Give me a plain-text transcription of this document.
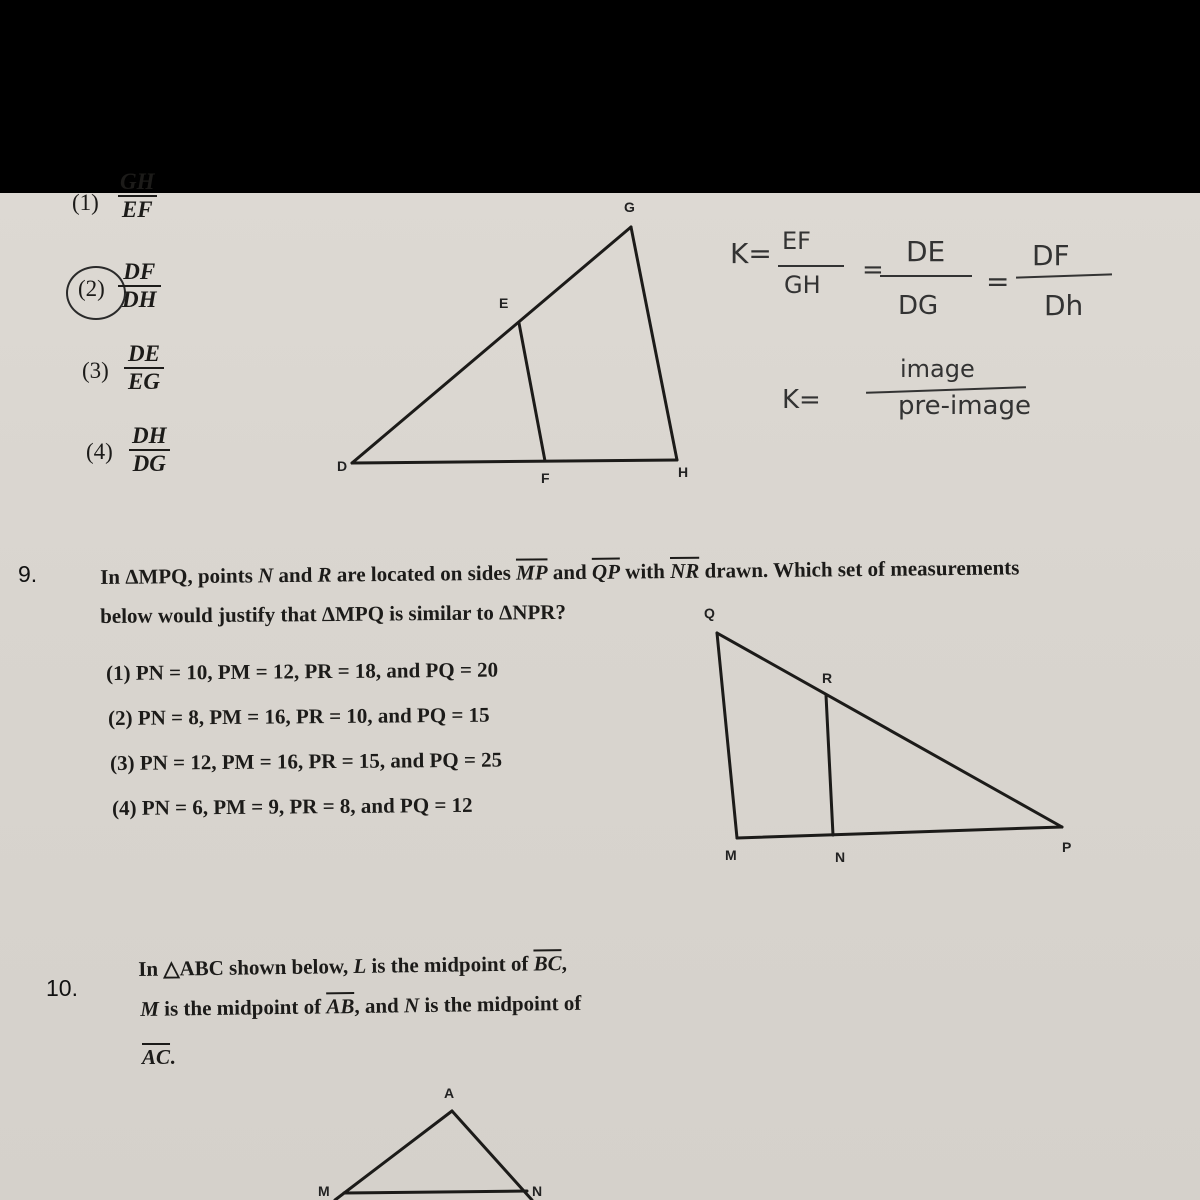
$(1) \frac{GH}{EF}$
$(2) \frac{DF}{DH}$
$(3) \frac{DE}{EG}$
$(4) \frac{DH}{DG}$
G
E
D
F	H
K= EF
GH =
DE
DG
=
DF
Dh
K=
image
pre-image
9.	In ΔMPQ, points N and R are located on sides $\overline{MP}$ and $\overline{QP}$ with $\overline{NR}$ drawn. Which set of measurements
below would justify that ΔMPQ is similar to ΔNPR?
(1) PN = 10, PM = 12, PR = 18, and PQ = 20
(2) PN = 8, PM = 16, PR = 10, and PQ = 15
(3) PN = 12, PM = 16, PR = 15, and PQ = 25
(4) PN = 6, PM = 9, PR = 8, and PQ = 12
Q
R
M	N
P
10.
In △ABC shown below, L is the midpoint of $\overline{BC}$,
M is the midpoint of $\overline{AB}$, and N is the midpoint of
$\overline{AC}$.
A
M	N
